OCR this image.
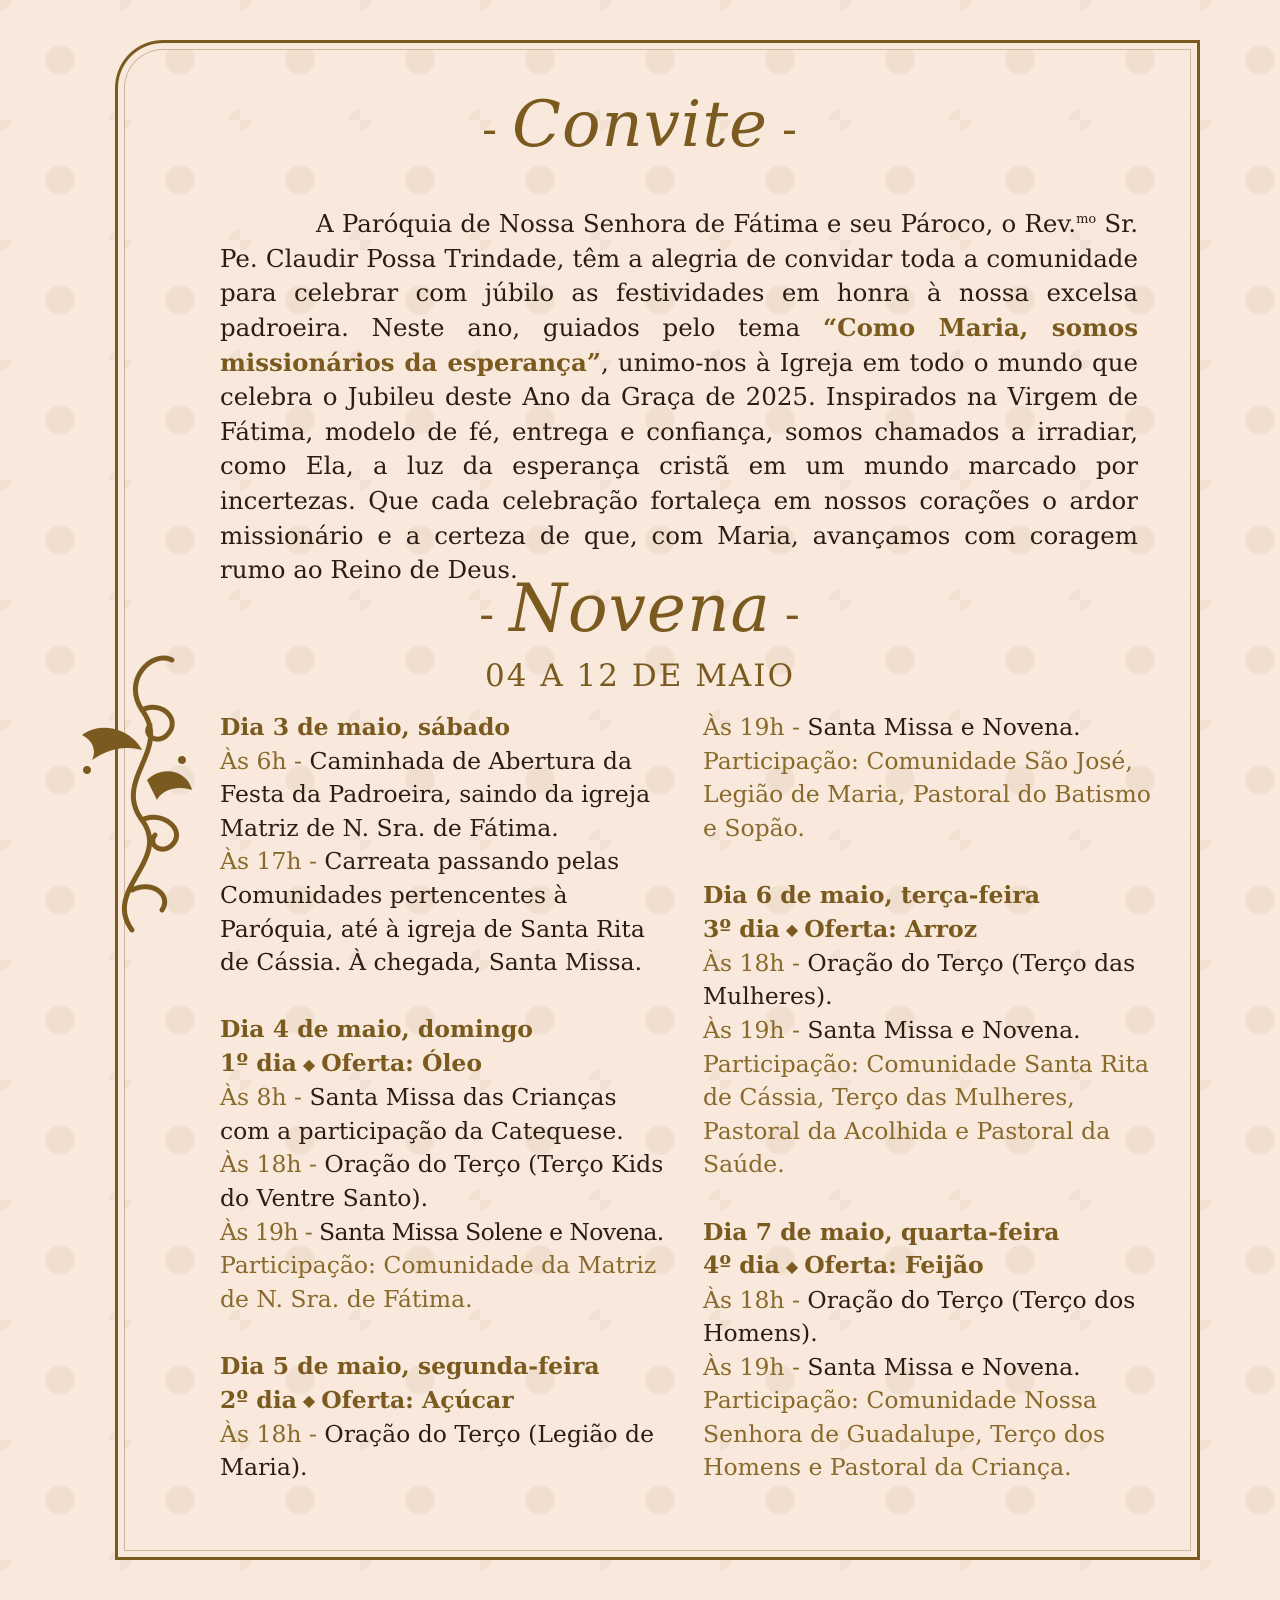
- Convite -

A Paróquia de Nossa Senhora de Fátima e seu Pároco, o Rev.$^{mo}$ Sr. Pe. Claudir Possa Trindade, têm a alegria de convidar toda a comunidade para celebrar com júbilo as festividades em honra à nossa excelsa padroeira. Neste ano, guiados pelo tema “Como Maria, somos missionários da esperança”, unimo-nos à Igreja em todo o mundo que celebra o Jubileu deste Ano da Graça de 2025. Inspirados na Virgem de Fátima, modelo de fé, entrega e confiança, somos chamados a irradiar, como Ela, a luz da esperança cristã em um mundo marcado por incertezas. Que cada celebração fortaleça em nossos corações o ardor missionário e a certeza de que, com Maria, avançamos com coragem rumo ao Reino de Deus.

- Novena -
04 A 12 DE MAIO
Dia 3 de maio, sábado
Às 6h - Caminhada de Abertura da Festa da Padroeira, saindo da igreja Matriz de N. Sra. de Fátima.
Às 17h - Carreata passando pelas Comunidades pertencentes à Paróquia, até à igreja de Santa Rita de Cássia. À chegada, Santa Missa.
Dia 4 de maio, domingo
1º dia ◆ Oferta: Óleo
Às 8h - Santa Missa das Crianças com a participação da Catequese.
Às 18h - Oração do Terço (Terço Kids do Ventre Santo).
Às 19h - Santa Missa Solene e Novena.
Participação: Comunidade da Matriz de N. Sra. de Fátima.
Dia 5 de maio, segunda-feira
2º dia ◆ Oferta: Açúcar
Às 18h - Oração do Terço (Legião de Maria).
Às 19h - Santa Missa e Novena.
Participação: Comunidade São José, Legião de Maria, Pastoral do Batismo e Sopão.
Dia 6 de maio, terça-feira
3º dia ◆ Oferta: Arroz
Às 18h - Oração do Terço (Terço das Mulheres).
Às 19h - Santa Missa e Novena.
Participação: Comunidade Santa Rita de Cássia, Terço das Mulheres, Pastoral da Acolhida e Pastoral da Saúde.
Dia 7 de maio, quarta-feira
4º dia ◆ Oferta: Feijão
Às 18h - Oração do Terço (Terço dos Homens).
Às 19h - Santa Missa e Novena.
Participação: Comunidade Nossa Senhora de Guadalupe, Terço dos Homens e Pastoral da Criança.
